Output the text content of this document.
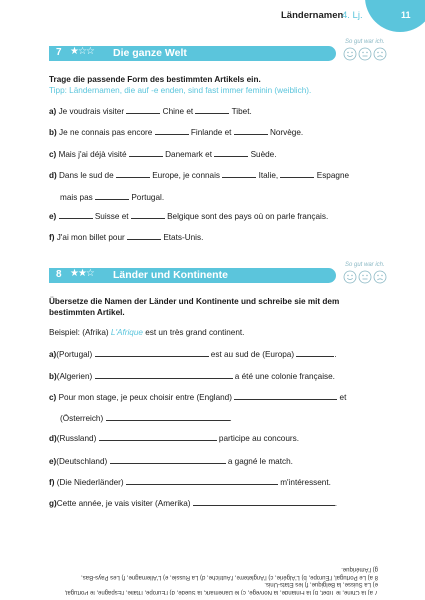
Ländernamen
4. Lj.	11
7 ★☆☆ Die ganze Welt
So gut war ich.
Trage die passende Form des bestimmten Artikels ein.
Tipp: Ländernamen, die auf -e enden, sind fast immer feminin (weiblich).
a) Je voudrais visiter	Chine et	Tibet.
b) Je ne connais pas encore	Finlande et	Norvège.
c) Mais j'ai déjà visité	Danemark et	Suède.
d) Dans le sud de	Europe, je connais	Italie,	Espagne
mais pas	Portugal.
e)	Suisse et	Belgique sont des pays où on parle français.
f) J'ai mon billet pour	Etats-Unis.
8 ★★☆ Länder und Kontinente
So gut war ich.
Übersetze die Namen der Länder und Kontinente und schreibe sie mit dem
bestimmten Artikel.
Beispiel: (Afrika) L'Afrique est un très grand continent.
a)(Portugal)	est au sud de (Europa)	.
b)(Algerien)	a été une colonie française.
c) Pour mon stage, je peux choisir entre (England)	et
(Österreich)	.
d)(Russland)	participe au concours.
e)(Deutschland)	a gagné le match.
f) (Die Niederländer)	m'intéressent.
g)Cette année, je vais visiter (Amerika)	.
7 a) la Chine, le Tibet, b) la Finlande, la Norvège, c) le Danemark, la Suède, d) l'Europe, l'Italie, l'Espagne, le Portugal,
e) La Suisse, la Belgique, f) les Etats-Unis.
8 a) Le Portugal, l'Europe, b) L'Algérie, c) l'Angleterre, l'Autriche, d) La Russie, e) L'Allemagne, f) Les Pays-Bas,
g) l'Amérique.
